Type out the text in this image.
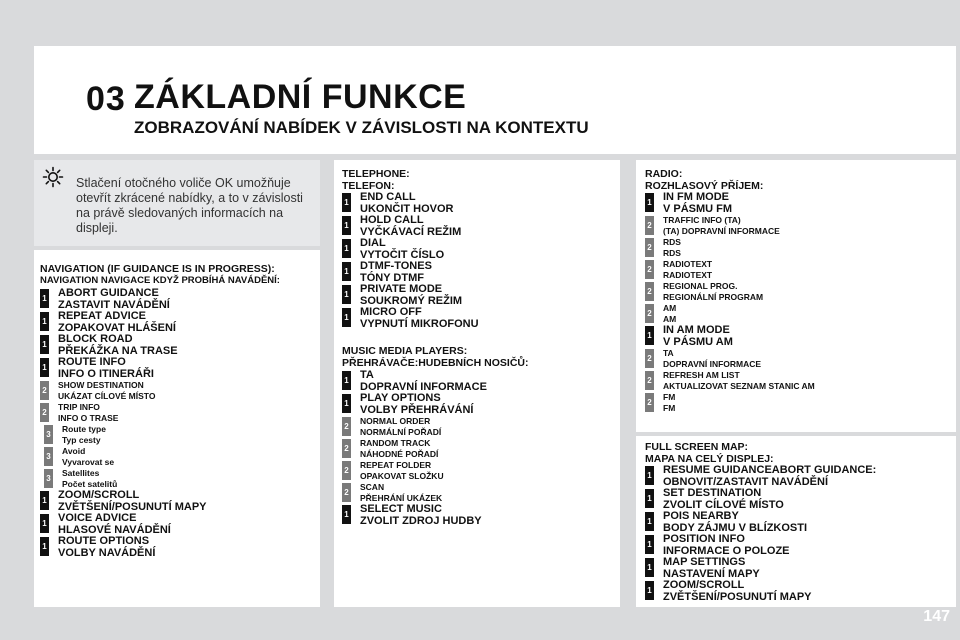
03 ZÁKLADNÍ FUNKCE
ZOBRAZOVÁNÍ NABÍDEK V ZÁVISLOSTI NA KONTEXTU
Stlačení otočného voliče OK umožňuje otevřít zkrácené nabídky, a to v závislosti na právě sledovaných informacích na displeji.
NAVIGATION (IF GUIDANCE IS IN PROGRESS):
NAVIGATION NAVIGACE KDYŽ PROBÍHÁ NAVÁDĚNÍ:
1 ABORT GUIDANCE
ZASTAVIT NAVÁDĚNÍ
1 REPEAT ADVICE
ZOPAKOVAT HLÁŠENÍ
1 BLOCK ROAD
PŘEKÁŽKA NA TRASE
1 ROUTE INFO
INFO O ITINERÁŘI
2
SHOW DESTINATION
UKÁZAT CÍLOVÉ MÍSTO
2
TRIP INFO
INFO O TRASE
3
Route type
Typ cesty
3
Avoid
Vyvarovat se
3
Satellites
Počet satelitů
1 ZOOM/SCROLL
ZVĚTŠENÍ/POSUNUTÍ MAPY
1 VOICE ADVICE
HLASOVÉ NAVÁDĚNÍ
1 ROUTE OPTIONS
VOLBY NAVÁDĚNÍ
TELEPHONE:
TELEFON:
1 END CALL
UKONČIT HOVOR
1 HOLD CALL
VYČKÁVACÍ REŽIM
1 DIAL
VYTOČIT ČÍSLO
1 DTMF-TONES
TÓNY DTMF
1 PRIVATE MODE
SOUKROMÝ REŽIM
1 MICRO OFF
VYPNUTÍ MIKROFONU
MUSIC MEDIA PLAYERS:
PŘEHRÁVAČE:HUDEBNÍCH NOSIČŮ:
1 TA
DOPRAVNÍ INFORMACE
1 PLAY OPTIONS
VOLBY PŘEHRÁVÁNÍ
2
NORMAL ORDER
NORMÁLNÍ POŘADÍ
2
RANDOM TRACK
NÁHODNÉ POŘADÍ
2
REPEAT FOLDER
OPAKOVAT SLOŽKU
2
SCAN
PŘEHRÁNÍ UKÁZEK
1 SELECT MUSIC
ZVOLIT ZDROJ HUDBY
RADIO:
ROZHLASOVÝ PŘÍJEM:
1 IN FM MODE
V PÁSMU FM
2
TRAFFIC INFO (TA)
(TA) DOPRAVNÍ INFORMACE
2
RDS
RDS
2
RADIOTEXT
RADIOTEXT
2
REGIONAL PROG.
REGIONÁLNÍ PROGRAM
2
AM
AM
1 IN AM MODE
V PÁSMU AM
2
TA
DOPRAVNÍ INFORMACE
2
REFRESH AM LIST
AKTUALIZOVAT SEZNAM STANIC AM
2
FM
FM
FULL SCREEN MAP:
MAPA NA CELÝ DISPLEJ:
1 RESUME GUIDANCEABORT GUIDANCE:
OBNOVIT/ZASTAVIT NAVÁDĚNÍ
1 SET DESTINATION
ZVOLIT CÍLOVÉ MÍSTO
1 POIS NEARBY
BODY ZÁJMU V BLÍZKOSTI
1 POSITION INFO
INFORMACE O POLOZE
1 MAP SETTINGS
NASTAVENÍ MAPY
1 ZOOM/SCROLL
ZVĚTŠENÍ/POSUNUTÍ MAPY
147
